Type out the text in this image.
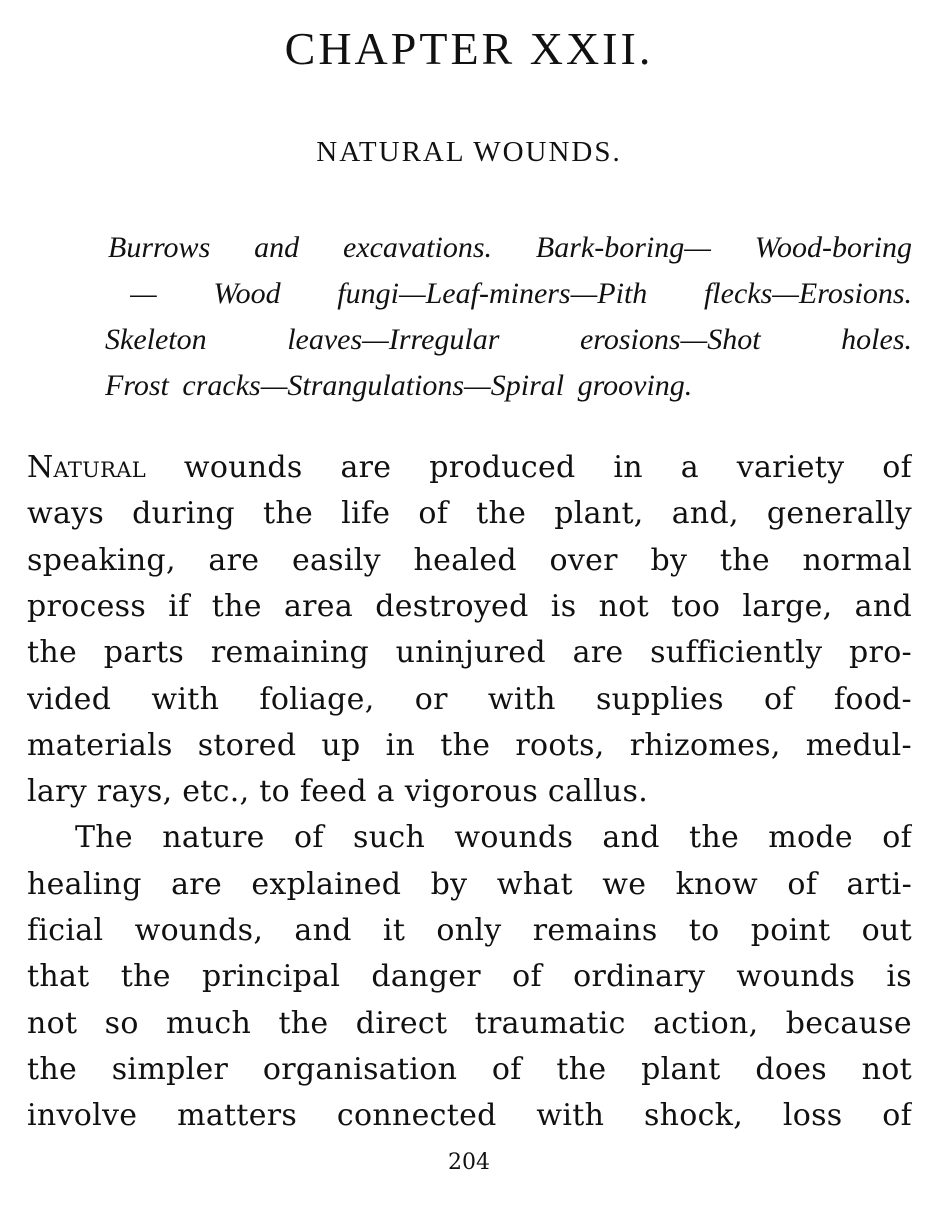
CHAPTER XXII.
NATURAL WOUNDS.
Burrows and excavations. Bark-boring— Wood-boring
— Wood fungi—Leaf-miners—Pith flecks—Erosions.
Skeleton leaves—Irregular erosions—Shot holes.
Frost cracks—Strangulations—Spiral grooving.
Natural wounds are produced in a variety of
ways during the life of the plant, and, generally
speaking, are easily healed over by the normal
process if the area destroyed is not too large, and
the parts remaining uninjured are sufficiently pro-
vided with foliage, or with supplies of food-
materials stored up in the roots, rhizomes, medul-
lary rays, etc., to feed a vigorous callus.
The nature of such wounds and the mode of
healing are explained by what we know of arti-
ficial wounds, and it only remains to point out
that the principal danger of ordinary wounds is
not so much the direct traumatic action, because
the simpler organisation of the plant does not
involve matters connected with shock, loss of
204
